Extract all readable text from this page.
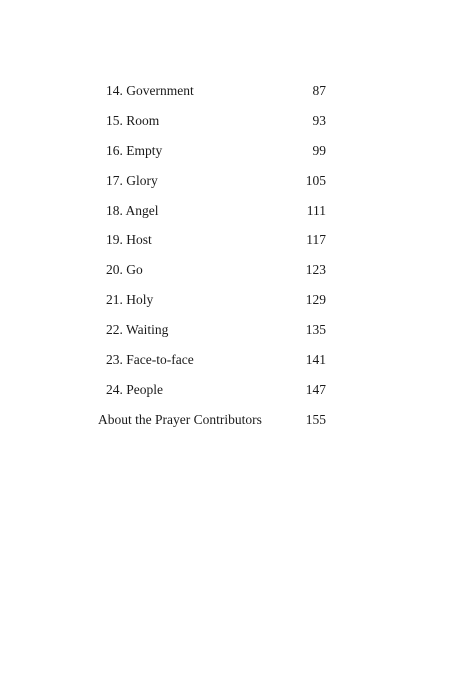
14. Government	87
15. Room	93
16. Empty	99
17. Glory	105
18. Angel	111
19. Host	117
20. Go	123
21. Holy	129
22. Waiting	135
23. Face-to-face	141
24. People	147
About the Prayer Contributors	155
